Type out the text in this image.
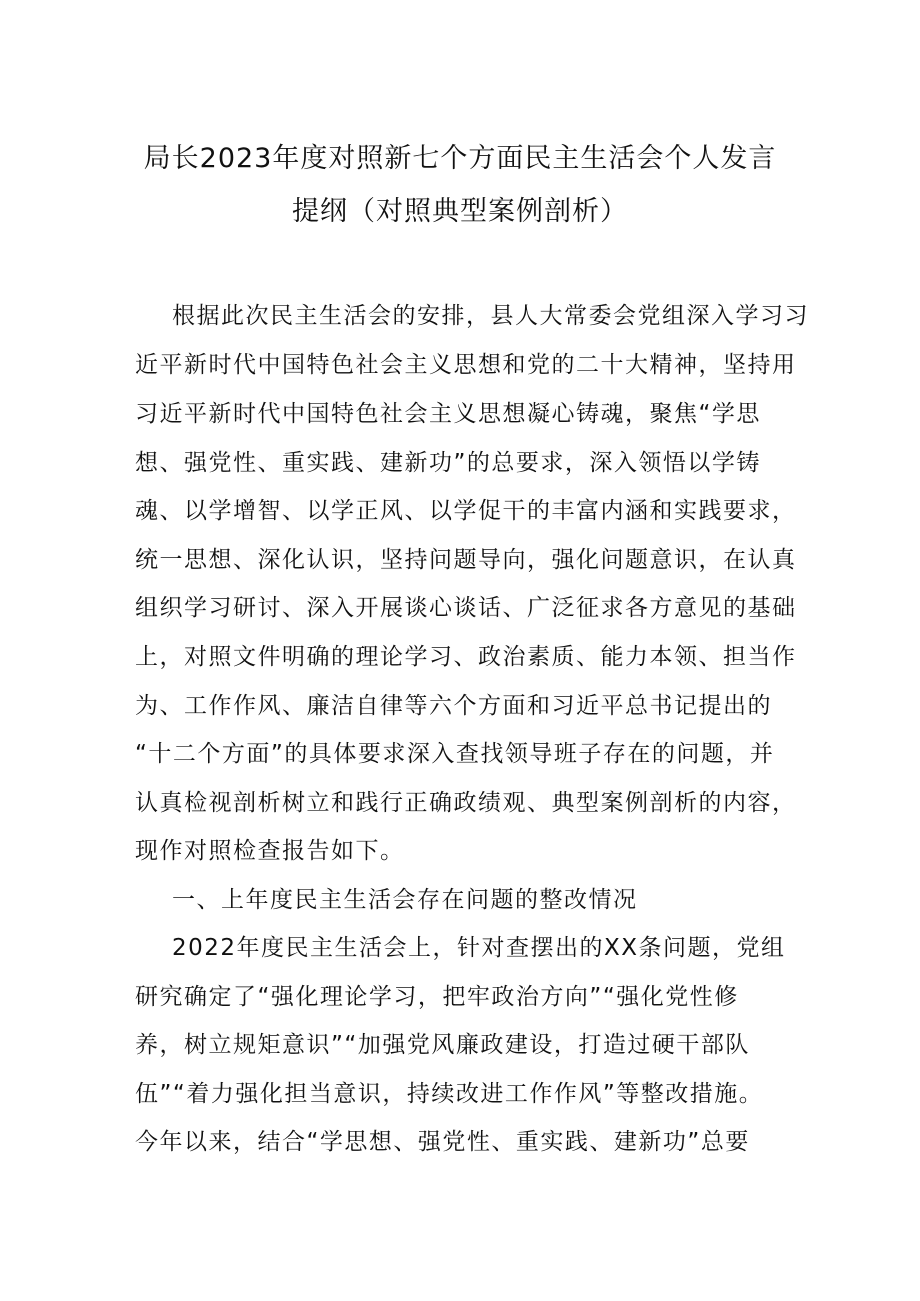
局长2023年度对照新七个方面民主生活会个人发言
提纲（对照典型案例剖析）
根据此次民主生活会的安排，县人大常委会党组深入学习习
近平新时代中国特色社会主义思想和党的二十大精神，坚持用
习近平新时代中国特色社会主义思想凝心铸魂，聚焦“学思
想、强党性、重实践、建新功”的总要求，深入领悟以学铸
魂、以学增智、以学正风、以学促干的丰富内涵和实践要求，
统一思想、深化认识，坚持问题导向，强化问题意识，在认真
组织学习研讨、深入开展谈心谈话、广泛征求各方意见的基础
上，对照文件明确的理论学习、政治素质、能力本领、担当作
为、工作作风、廉洁自律等六个方面和习近平总书记提出的
“十二个方面”的具体要求深入查找领导班子存在的问题，并
认真检视剖析树立和践行正确政绩观、典型案例剖析的内容，
现作对照检查报告如下。
一、上年度民主生活会存在问题的整改情况
2022年度民主生活会上，针对查摆出的XX条问题，党组
研究确定了“强化理论学习，把牢政治方向”“强化党性修
养，树立规矩意识”“加强党风廉政建设，打造过硬干部队
伍”“着力强化担当意识，持续改进工作作风”等整改措施。
今年以来，结合“学思想、强党性、重实践、建新功”总要
